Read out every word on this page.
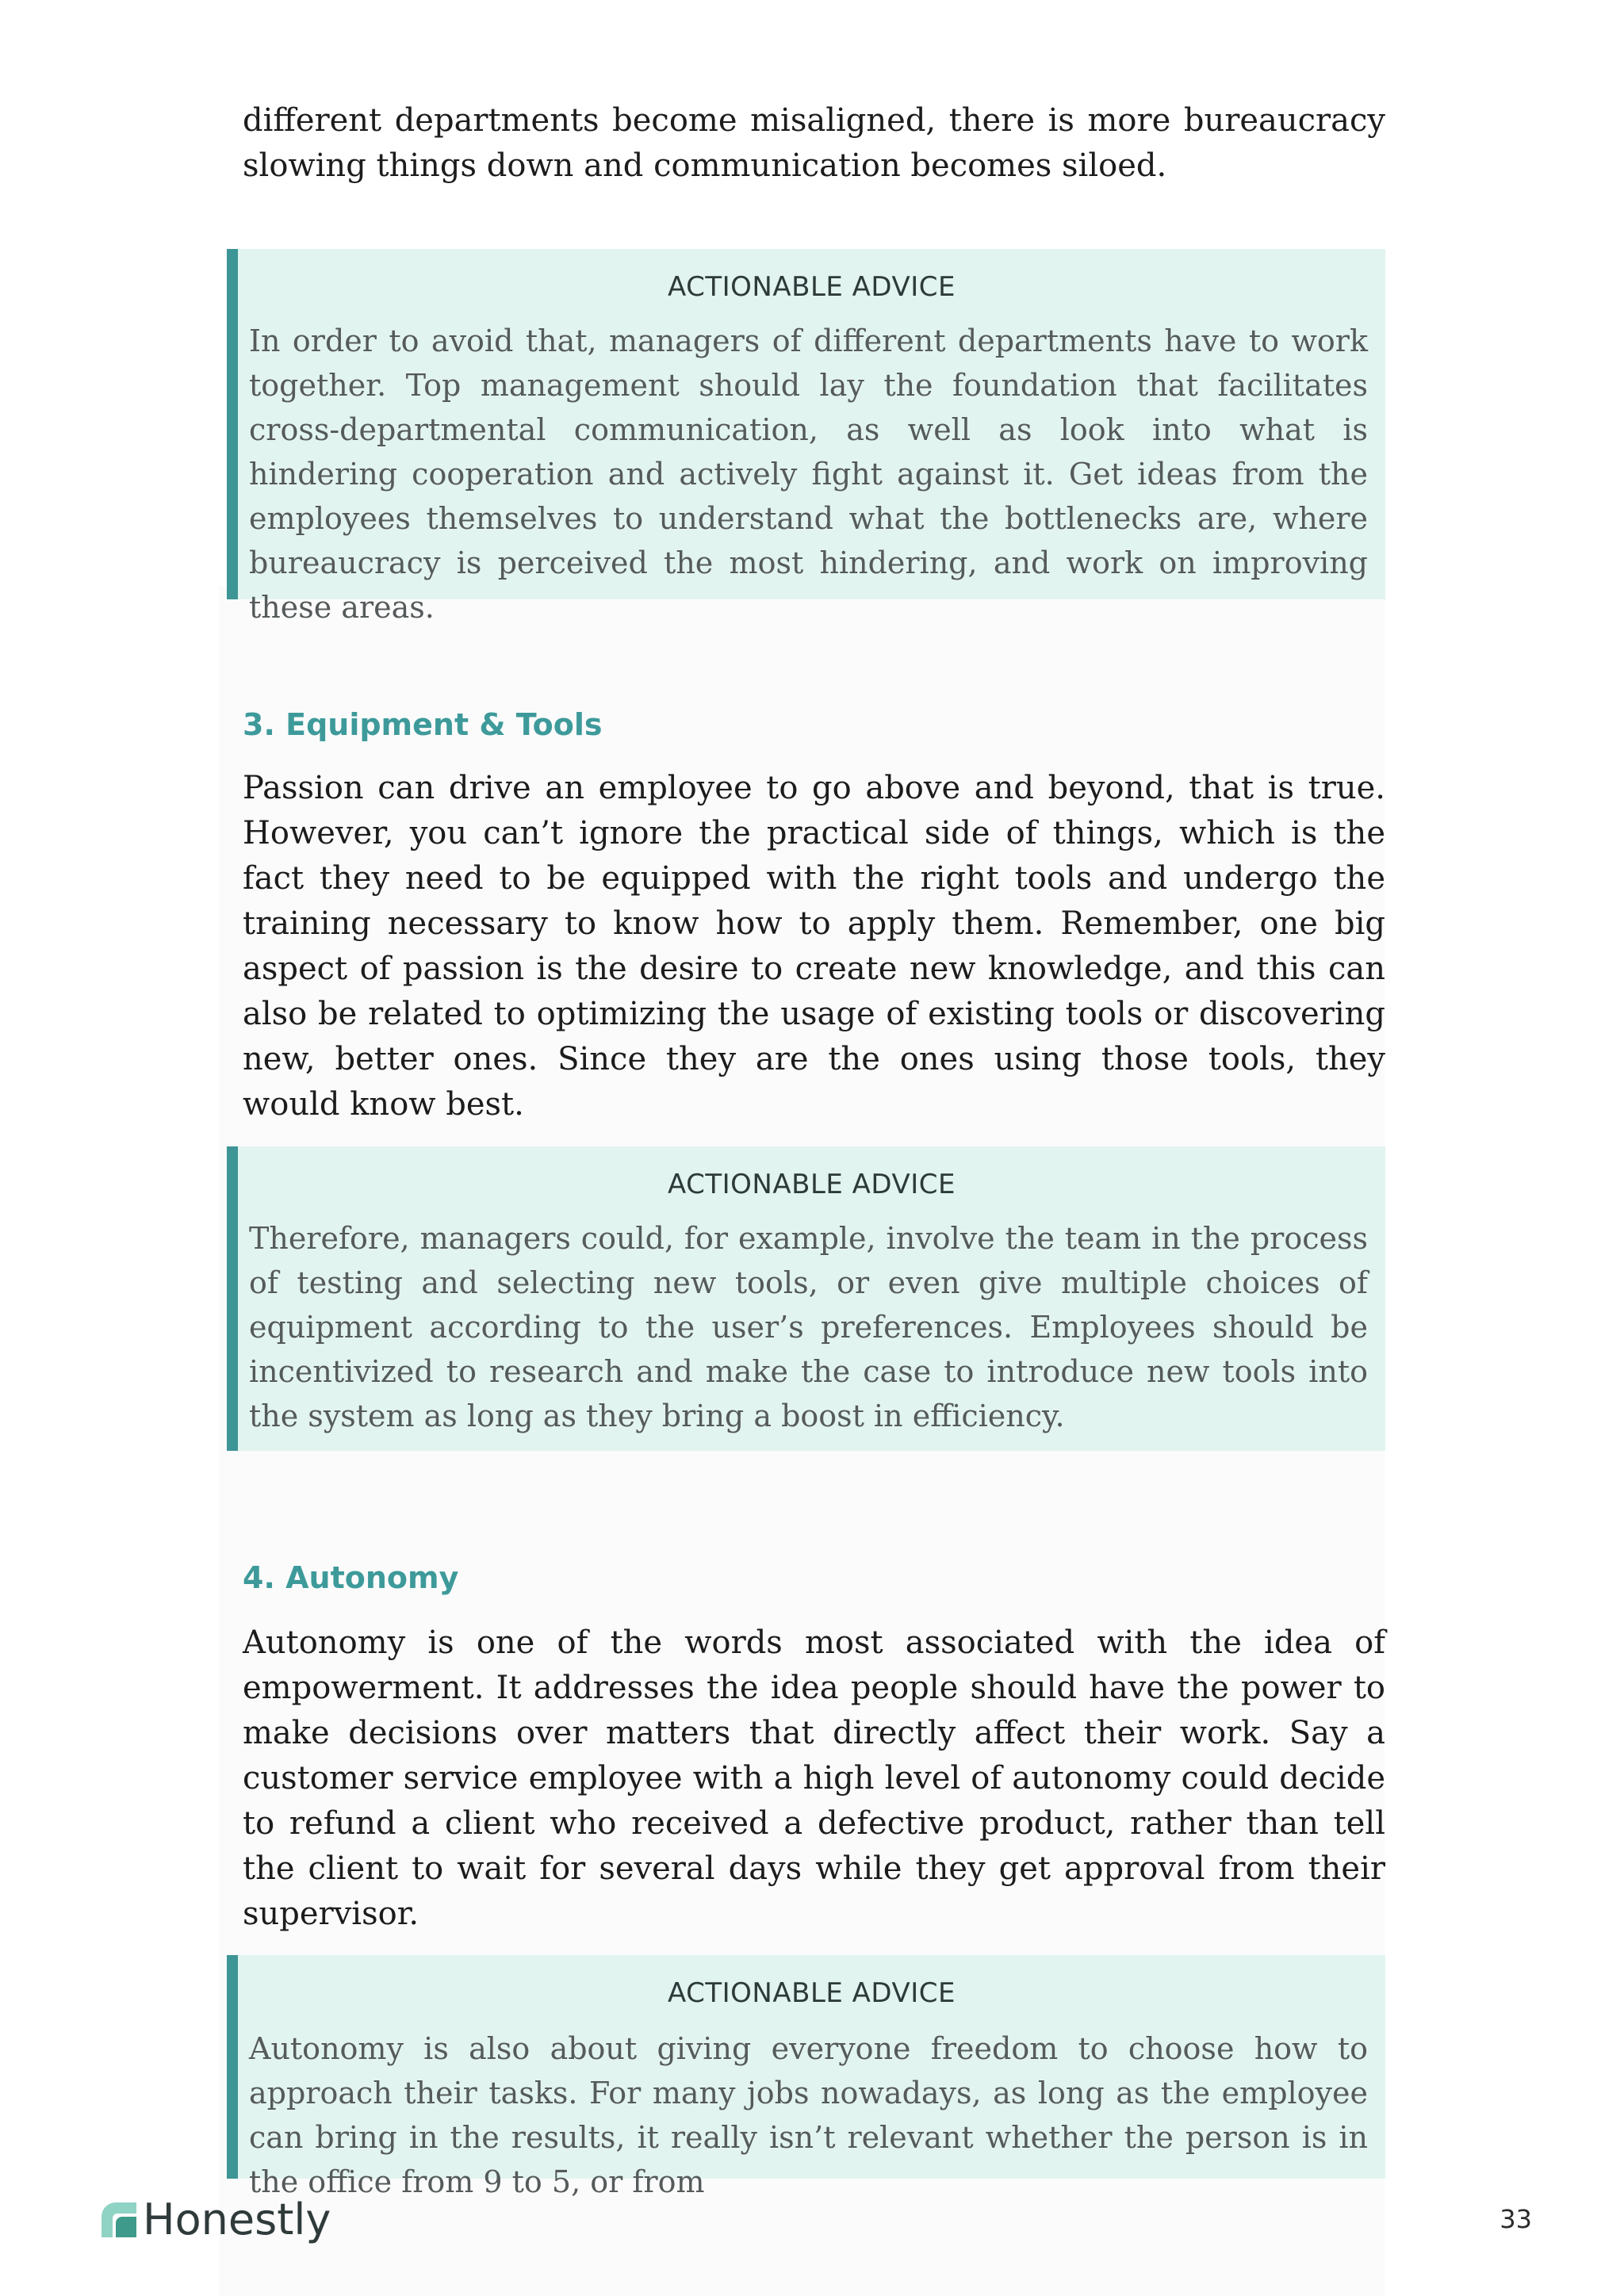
different departments become misaligned, there is more bureaucracy slowing things down and communication becomes siloed.

ACTIONABLE ADVICE

In order to avoid that, managers of different departments have to work together. Top management should lay the foundation that facilitates cross-departmental communication, as well as look into what is hindering cooperation and actively fight against it. Get ideas from the employees themselves to understand what the bottlenecks are, where bureaucracy is perceived the most hindering, and work on improving these areas.

3. Equipment & Tools

Passion can drive an employee to go above and beyond, that is true. However, you can’t ignore the practical side of things, which is the fact they need to be equipped with the right tools and undergo the training necessary to know how to apply them. Remember, one big aspect of passion is the desire to create new knowledge, and this can also be related to optimizing the usage of existing tools or discovering new, better ones. Since they are the ones using those tools, they would know best.

ACTIONABLE ADVICE

Therefore, managers could, for example, involve the team in the process of testing and selecting new tools, or even give multiple choices of equipment according to the user’s preferences. Employees should be incentivized to research and make the case to introduce new tools into the system as long as they bring a boost in efficiency.

4. Autonomy

Autonomy is one of the words most associated with the idea of empowerment. It addresses the idea people should have the power to make decisions over matters that directly affect their work. Say a customer service employee with a high level of autonomy could decide to refund a client who received a defective product, rather than tell the client to wait for several days while they get approval from their supervisor.

ACTIONABLE ADVICE

Autonomy is also about giving everyone freedom to choose how to approach their tasks. For many jobs nowadays, as long as the employee can bring in the results, it really isn’t relevant whether the person is in the office from 9 to 5, or from

Honestly	33
